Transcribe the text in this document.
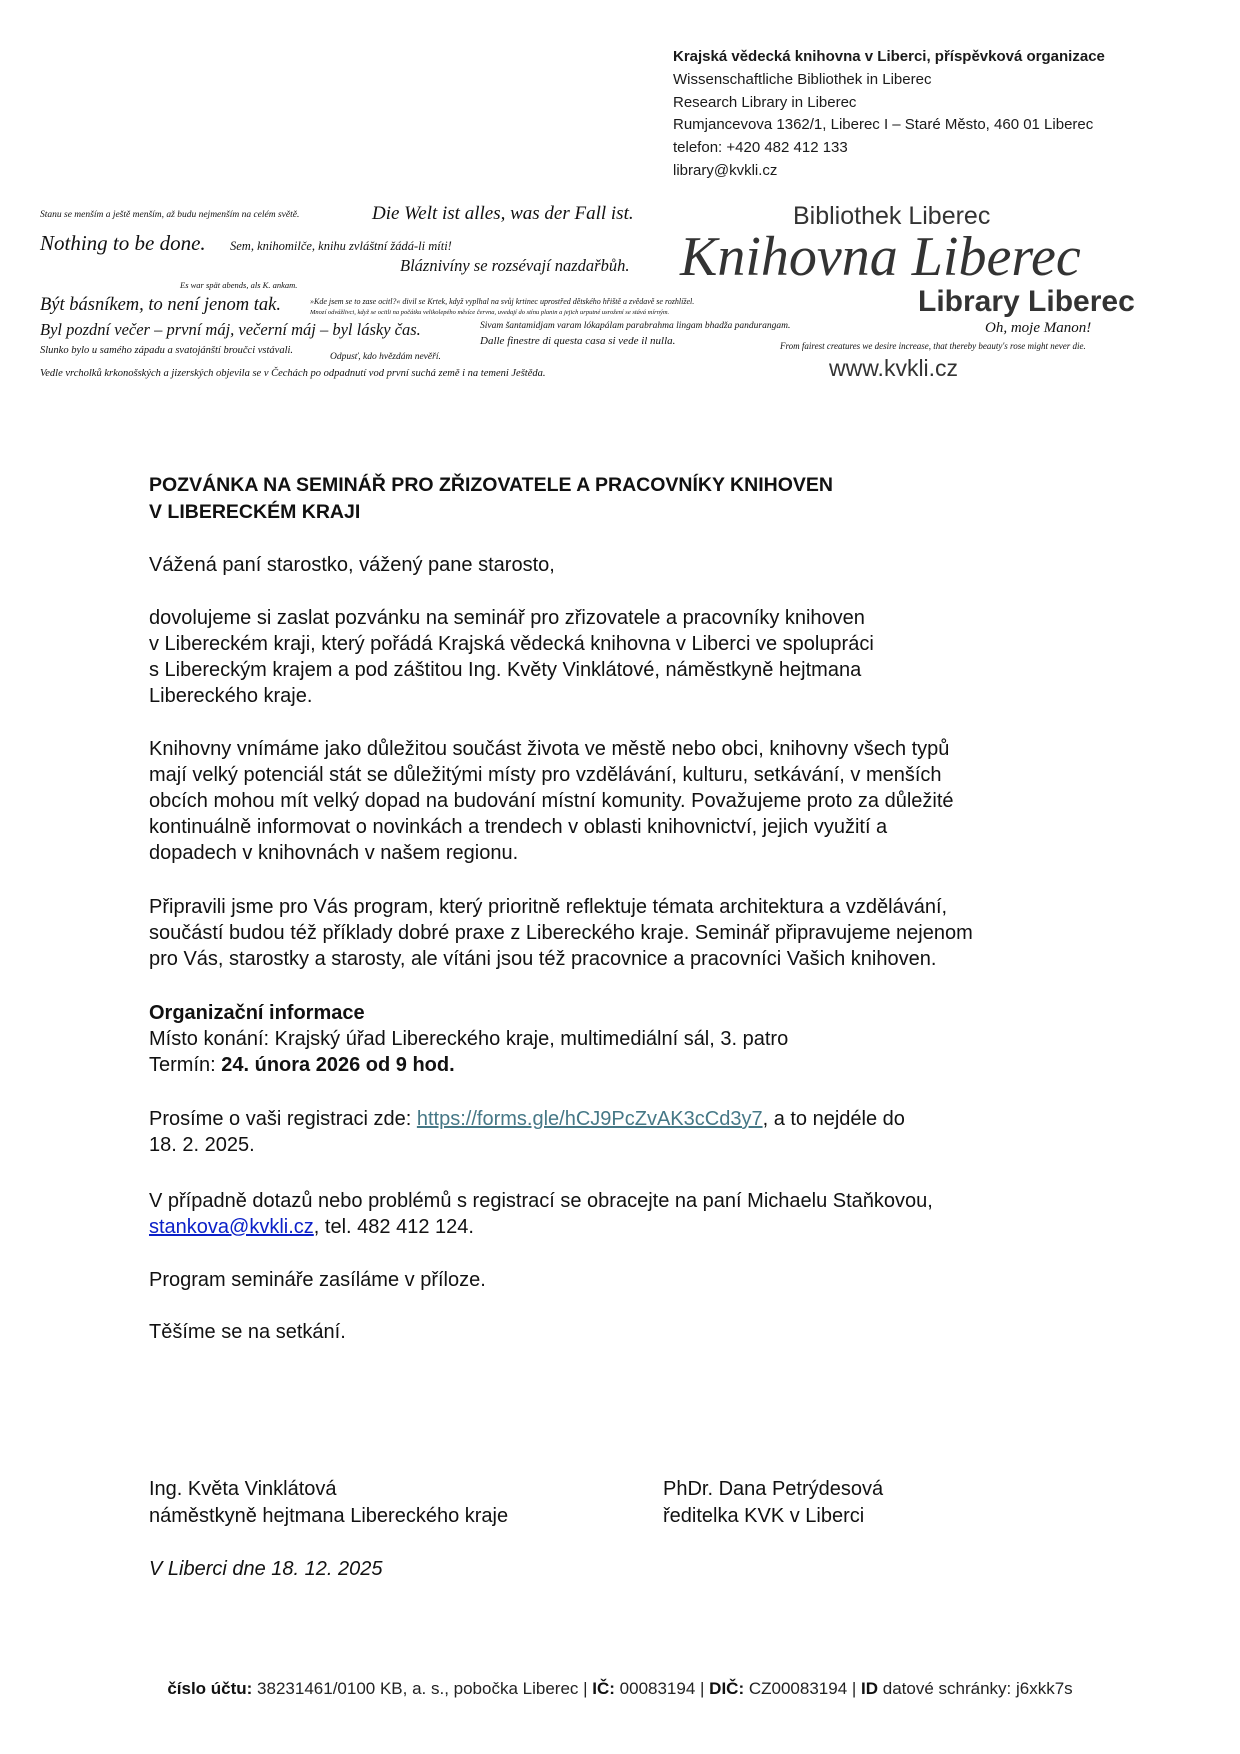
Krajská vědecká knihovna v Liberci, příspěvková organizace
Wissenschaftliche Bibliothek in Liberec
Research Library in Liberec
Rumjancevova 1362/1, Liberec I – Staré Město, 460 01 Liberec
telefon: +420 482 412 133
library@kvkli.cz
Stanu se menším a ještě menším, až budu nejmenším na celém světě.	Die Welt ist alles, was der Fall ist.
Nothing to be done. Sem, knihomilče, knihu zvláštní žádá-li míti!
Bláznivíny se rozsévají nazdařbůh.
Es war spät abends, als K. ankam.
Být básníkem, to není jenom tak.	»Kde jsem se to zase ocitl?« divil se Krtek, když vyplhal na svůj krtinec uprostřed dětského hřiště a zvědavě se rozhlížel.
Mnozí odvážlivci, když se ocitli na počátku velikolepého měsíce června, uvedají do stínu planin a jejich urputné usrožení se stává mírným.
Byl pozdní večer – první máj, večerní máj – byl lásky čas.	Sivam šantamidjam varam lókapálam parabrahma lingam bhadža pandurangam.
Dalle finestre di questa casa si vede il nulla.
Oh, moje Manon!
From fairest creatures we desire increase, that thereby beauty's rose might never die.
Slunko bylo u samého západu a svatojánští broučci vstávali.
Odpusť, kdo hvězdám nevěří.
Vedle vrcholků krkonošských a jizerských objevila se v Čechách po odpadnutí vod první suchá země i na temeni Ještěda.
Bibliothek Liberec
Knihovna Liberec
Library Liberec
www.kvkli.cz
POZVÁNKA NA SEMINÁŘ PRO ZŘIZOVATELE A PRACOVNÍKY KNIHOVEN
V LIBERECKÉM KRAJI
Vážená paní starostko, vážený pane starosto,
dovolujeme si zaslat pozvánku na seminář pro zřizovatele a pracovníky knihoven
v Libereckém kraji, který pořádá Krajská vědecká knihovna v Liberci ve spolupráci
s Libereckým krajem a pod záštitou Ing. Květy Vinklátové, náměstkyně hejtmana
Libereckého kraje.
Knihovny vnímáme jako důležitou součást života ve městě nebo obci, knihovny všech typů
mají velký potenciál stát se důležitými místy pro vzdělávání, kulturu, setkávání, v menších
obcích mohou mít velký dopad na budování místní komunity. Považujeme proto za důležité
kontinuálně informovat o novinkách a trendech v oblasti knihovnictví, jejich využití a
dopadech v knihovnách v našem regionu.
Připravili jsme pro Vás program, který prioritně reflektuje témata architektura a vzdělávání,
součástí budou též příklady dobré praxe z Libereckého kraje. Seminář připravujeme nejenom
pro Vás, starostky a starosty, ale vítáni jsou též pracovnice a pracovníci Vašich knihoven.
Organizační informace
Místo konání: Krajský úřad Libereckého kraje, multimediální sál, 3. patro
Termín: 24. února 2026 od 9 hod.
Prosíme o vaši registraci zde: https://forms.gle/hCJ9PcZvAK3cCd3y7, a to nejdéle do
18. 2. 2025.
V případně dotazů nebo problémů s registrací se obracejte na paní Michaelu Staňkovou,
stankova@kvkli.cz, tel. 482 412 124.
Program semináře zasíláme v příloze.
Těšíme se na setkání.
Ing. Květa Vinklátová
náměstkyně hejtmana Libereckého kraje
PhDr. Dana Petrýdesová
ředitelka KVK v Liberci
V Liberci dne 18. 12. 2025
číslo účtu: 38231461/0100 KB, a. s., pobočka Liberec | IČ: 00083194 | DIČ: CZ00083194 | ID datové schránky: j6xkk7s
